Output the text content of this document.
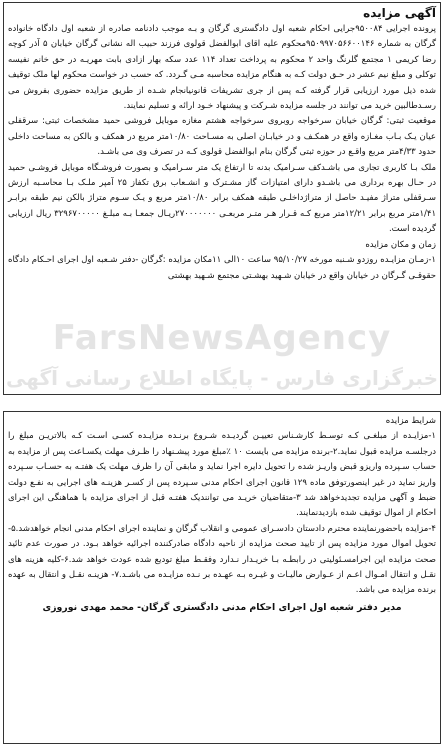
آگهی مزایده

پرونده اجرایی ۹۵۰۰۸۴جرایی احکام شعبه اول دادگستری گرگان و بـه موجب دادنامه صادره از شعبه اول دادگاه خانواده گرگان به شماره ۹۵۰۹۹۷۰۵۶۶۰۰۱۴۶محکوم علیه اقای ابوالفضل قولوی فرزند حبیب اله نشانی گرگان خیابان ۵ آذر کوچه رضا کریمی ۱ مجتمع گلرنگ واحد ۲ محکوم به پرداخت تعداد ۱۱۴ عدد سکه بهار ازادی بابت مهریـه در حق خانم نفیسه توکلی و مبلغ نیم عشر در حـق دولت کـه به هنگام مزایده محاسبه مـی گـردد. که حسب در خواست محکوم لها ملک توقیف شده ذیل مورد ارزیابی قرار گرفته کـه پس از جری تشریفات قانونیانجام شـده از طریق مزایده حضوری بفروش می رسـدطالبین خرید می توانند در جلسه مزایده شـرکت و پیشنهاد خـود ارائه و تسلیم نمایند.

موقعیت ثبتی: گرگان خیابان سرخواجه روبروی سرخواجه هشتم مغازه موبایل فروشی حمید مشخصات ثبتی: سرقفلی عیان یـک بـاب مغـازه واقع در همکـف و در خیابـان اصلی به مسـاحت ۱۰/۸۰متر مربع در همکف و بالکن به مساحت داخلی حدود ۴/۳۳متر مربع واقـع در حوزه ثبتی گرگان بنام ابوالفضل قولوی کـه در تصرف وی می باشـد.

ملک بـا کاربری تجاری می باشـدکف سـرامیک بدنه تا ارتفاع یک متر سـرامیک و بصورت فروشـگاه موبایل فروشـی حمید در حـال بهره برداری می باشـدو دارای امتیازات گاز مشـترک و انشـعاب برق تکفاز ۲۵ آمپر ملـک بـا محاسـبه ارزش سـرقفلی متراژ مفیـد حاصل از متراژداخلـی طبقه همکف برابر ۱۰/۸۰متر مربع و یـک سـوم متراژ بالکن نیم طبقه برابـر ۱/۴۱متر مربع برابر ۱۲/۲۱متر مربع کـه قـرار هـر متـر مربعـی ۲۷۰۰۰۰۰۰۰ریـال جمعـا بـه مبلـغ ۳۲۹۶۷۰۰۰۰۰ ریال ارزیابی گردیده است.

زمان و مکان مزایده

۱-زمـان مزایـده روزدو شـنبه مورخه ۹۵/۱۰/۲۷ ساعت ۱۰الی ۱۱مکان مزایده :گرگان -دفتر شـعبه اول اجرای احـکام دادگاه حقوقـی گـرگان در خیابان واقع در خیابان شـهید بهشـتی مجتمع شـهید بهشتی

شرایط مزایده

۱-مزایـده از مبلغـی کـه توسـط کارشـناس تعییـن گردیـده شـروع برنـده مزایـده کسـی اسـت کـه بالاتریـن مبلغ را درجلسـه مزایده قبول نماید.۲-برنده مزایده می بایست ۱۰ ٪مبلغ مورد پیشـنهاد را ظـرف مهلت یکسـاعت پس از مزایده به حساب سـپرده واریزو قبض واریـز شده را تحویل دایره اجرا نماید و مابقی آن را ظرف مهلت یک هفتـه به حسـاب سـپرده واریز نماید در غیر اینصورتوفق ماده ۱۲۹ قانون اجرای احکام مدنی سـپرده پس از کسـر هزینـه های اجرایی به نفـع دولت ضبط و آگهی مزایده تجدیدخواهد شد ۳-متقاضیان خریـد می توانندیک هفتـه قبل از اجرای مزایده با هماهنگی این اجرای احکام از اموال توقیف شده بازدیدنمایند.

۴-مزایده باحضورنماینده محترم دادستان دادسـرای عمومی و انقلاب گرگان و نماینده اجرای احکام مدنی انجام خواهدشد.۵-تحویل اموال مورد مزایده پس از تایید صحت مزایده از ناحیه دادگاه صادرکننده اجرائیه خواهد بـود. در صورت عدم تائید صحت مزایده این اجرامسـئولیتی در رابطـه بـا خریـدار نـدارد وفقـط مبلغ تودیع شده عودت خواهد شد.۶-کلیه هزینه های نقـل و انتقال امـوال اعـم از عـوارض مالیـات و غیـره بـه عهـده بر نـده مزایـده می باشـد.۷- هزینـه نقـل و انتقال به عهده برنده مزایده می باشد.

مدیر دفتر شعبه اول اجرای احکام مدنی دادگستری گرگان- محمد مهدی نوروزی

FarsNewsAgency
خبرگزاری فارس - پایگاه اطلاع رسانی آگهی
